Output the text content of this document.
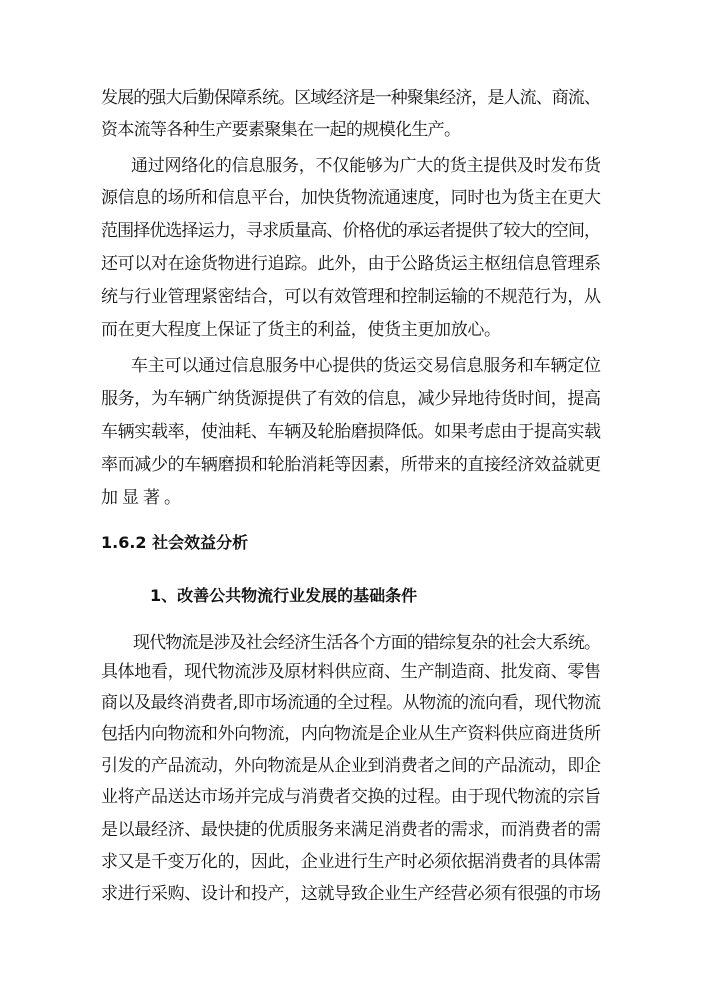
发展的强大后勤保障系统。区域经济是一种聚集经济，是人流、商流、
资本流等各种生产要素聚集在一起的规模化生产。
通过网络化的信息服务，不仅能够为广大的货主提供及时发布货
源信息的场所和信息平台，加快货物流通速度，同时也为货主在更大
范围择优选择运力，寻求质量高、价格优的承运者提供了较大的空间，
还可以对在途货物进行追踪。此外，由于公路货运主枢纽信息管理系
统与行业管理紧密结合，可以有效管理和控制运输的不规范行为，从
而在更大程度上保证了货主的利益，使货主更加放心。
车主可以通过信息服务中心提供的货运交易信息服务和车辆定位
服务，为车辆广纳货源提供了有效的信息，减少异地待货时间，提高
车辆实载率，使油耗、车辆及轮胎磨损降低。如果考虑由于提高实载
率而减少的车辆磨损和轮胎消耗等因素，所带来的直接经济效益就更
加显著。
1.6.2 社会效益分析
1、改善公共物流行业发展的基础条件
现代物流是涉及社会经济生活各个方面的错综复杂的社会大系统。
具体地看，现代物流涉及原材料供应商、生产制造商、批发商、零售
商以及最终消费者,即市场流通的全过程。从物流的流向看，现代物流
包括内向物流和外向物流，内向物流是企业从生产资料供应商进货所
引发的产品流动，外向物流是从企业到消费者之间的产品流动，即企
业将产品送达市场并完成与消费者交换的过程。由于现代物流的宗旨
是以最经济、最快捷的优质服务来满足消费者的需求，而消费者的需
求又是千变万化的，因此，企业进行生产时必须依据消费者的具体需
求进行采购、设计和投产，这就导致企业生产经营必须有很强的市场
